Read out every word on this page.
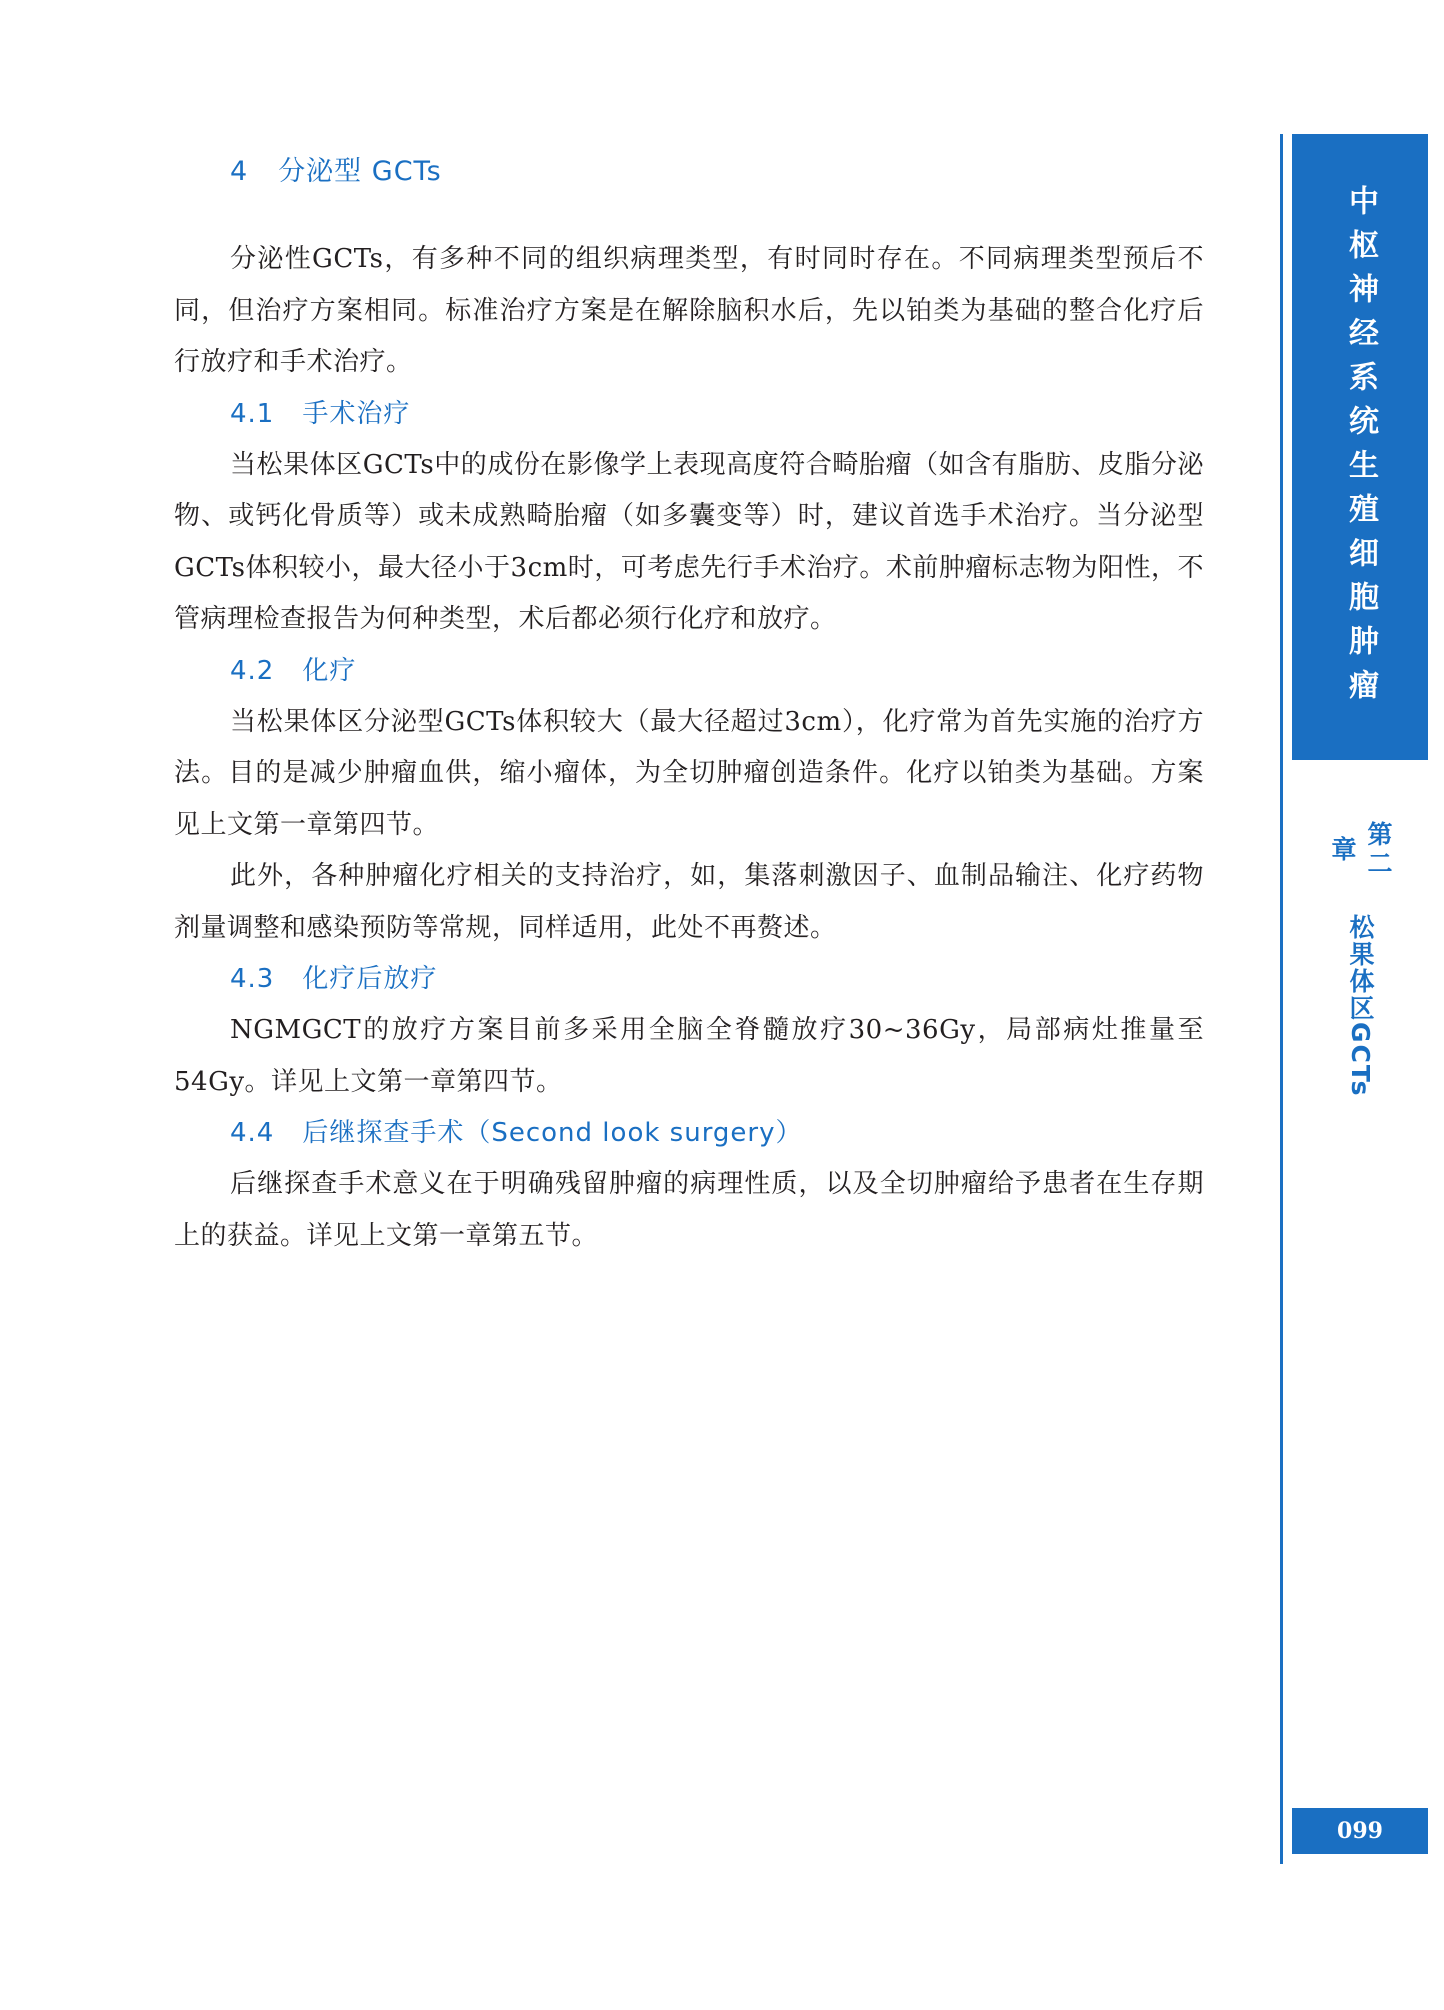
4 分泌型 GCTs

分泌性GCTs，有多种不同的组织病理类型，有时同时存在。不同病理类型预后不同，但治疗方案相同。标准治疗方案是在解除脑积水后，先以铂类为基础的整合化疗后行放疗和手术治疗。

4.1 手术治疗

当松果体区GCTs中的成份在影像学上表现高度符合畸胎瘤（如含有脂肪、皮脂分泌物、或钙化骨质等）或未成熟畸胎瘤（如多囊变等）时，建议首选手术治疗。当分泌型GCTs体积较小，最大径小于3cm时，可考虑先行手术治疗。术前肿瘤标志物为阳性，不管病理检查报告为何种类型，术后都必须行化疗和放疗。

4.2 化疗

当松果体区分泌型GCTs体积较大（最大径超过3cm），化疗常为首先实施的治疗方法。目的是减少肿瘤血供，缩小瘤体，为全切肿瘤创造条件。化疗以铂类为基础。方案见上文第一章第四节。

此外，各种肿瘤化疗相关的支持治疗，如，集落刺激因子、血制品输注、化疗药物剂量调整和感染预防等常规，同样适用，此处不再赘述。

4.3 化疗后放疗

NGMGCT的放疗方案目前多采用全脑全脊髓放疗30~36Gy，局部病灶推量至54Gy。详见上文第一章第四节。

4.4 后继探查手术（Second look surgery）

后继探查手术意义在于明确残留肿瘤的病理性质，以及全切肿瘤给予患者在生存期上的获益。详见上文第一章第五节。

中枢神经系统生殖细胞肿瘤
第二章
松果体区GCTs
099
